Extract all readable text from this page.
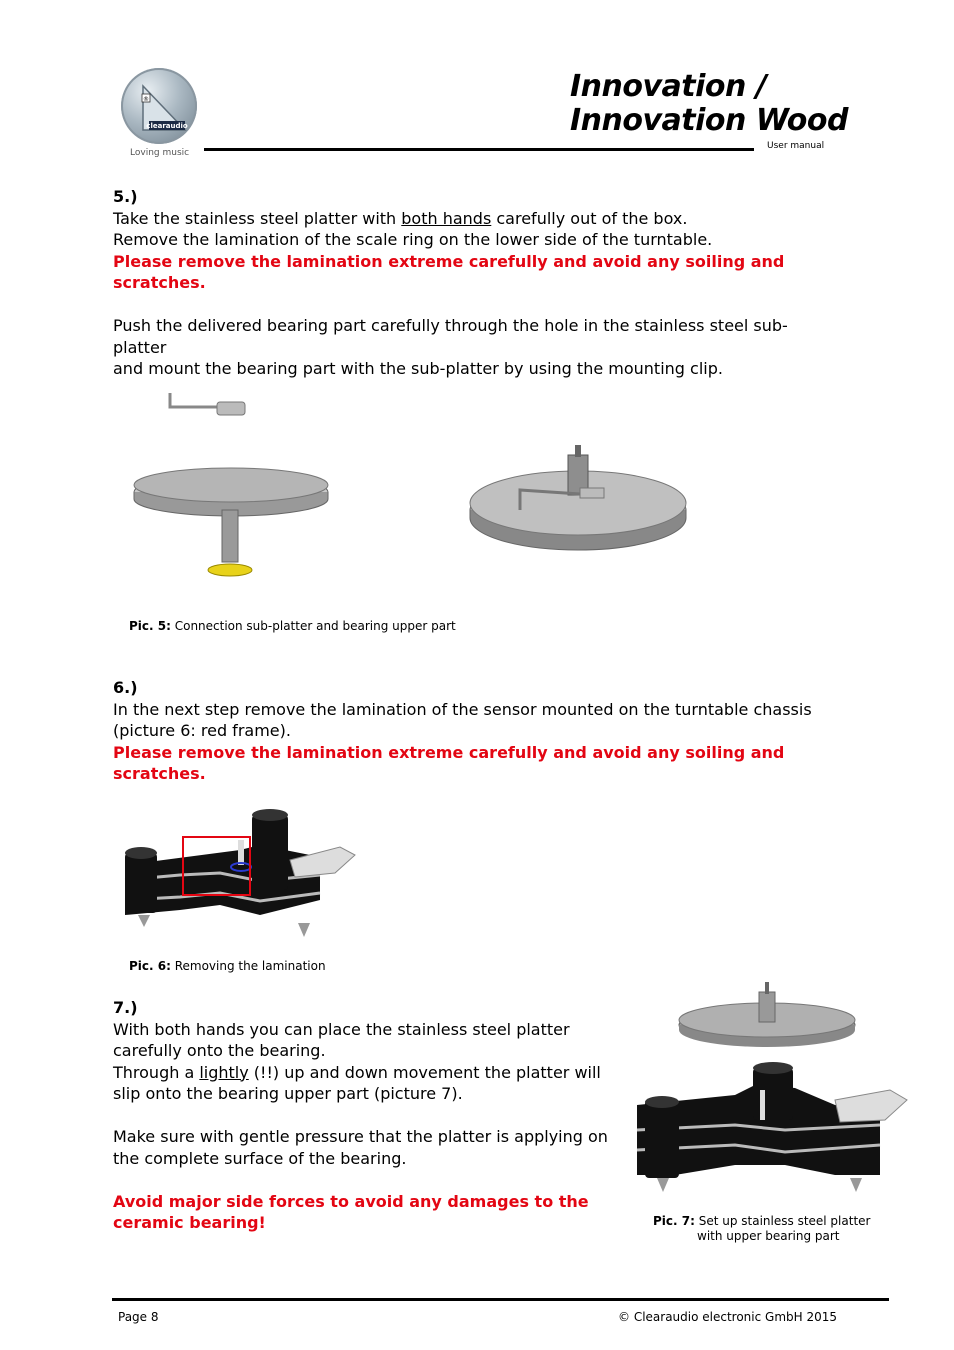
®
clearaudio
Loving music
Innovation /
Innovation Wood
User manual
5.)
Take the stainless steel platter with both hands carefully out of the box.
Remove the lamination of the scale ring on the lower side of the turntable.
Please remove the lamination extreme carefully and avoid any soiling and
scratches.
Push the delivered bearing part carefully through the hole in the stainless steel sub-platter
and mount the bearing part with the sub-platter by using the mounting clip.
Pic. 5: Connection sub-platter and bearing upper part
6.)
In the next step remove the lamination of the sensor mounted on the turntable chassis
(picture 6: red frame).
Please remove the lamination extreme carefully and avoid any soiling and
scratches.
Pic. 6: Removing the lamination
7.)
With both hands you can place the stainless steel platter
carefully onto the bearing.
Through a lightly (!!) up and down movement the platter will
slip onto the bearing upper part (picture 7).
Make sure with gentle pressure that the platter is applying on
the complete surface of the bearing.
Avoid major side forces to avoid any damages to the
ceramic bearing!	Pic. 7: Set up stainless steel platter
with upper bearing part
Page 8	© Clearaudio electronic GmbH 2015
